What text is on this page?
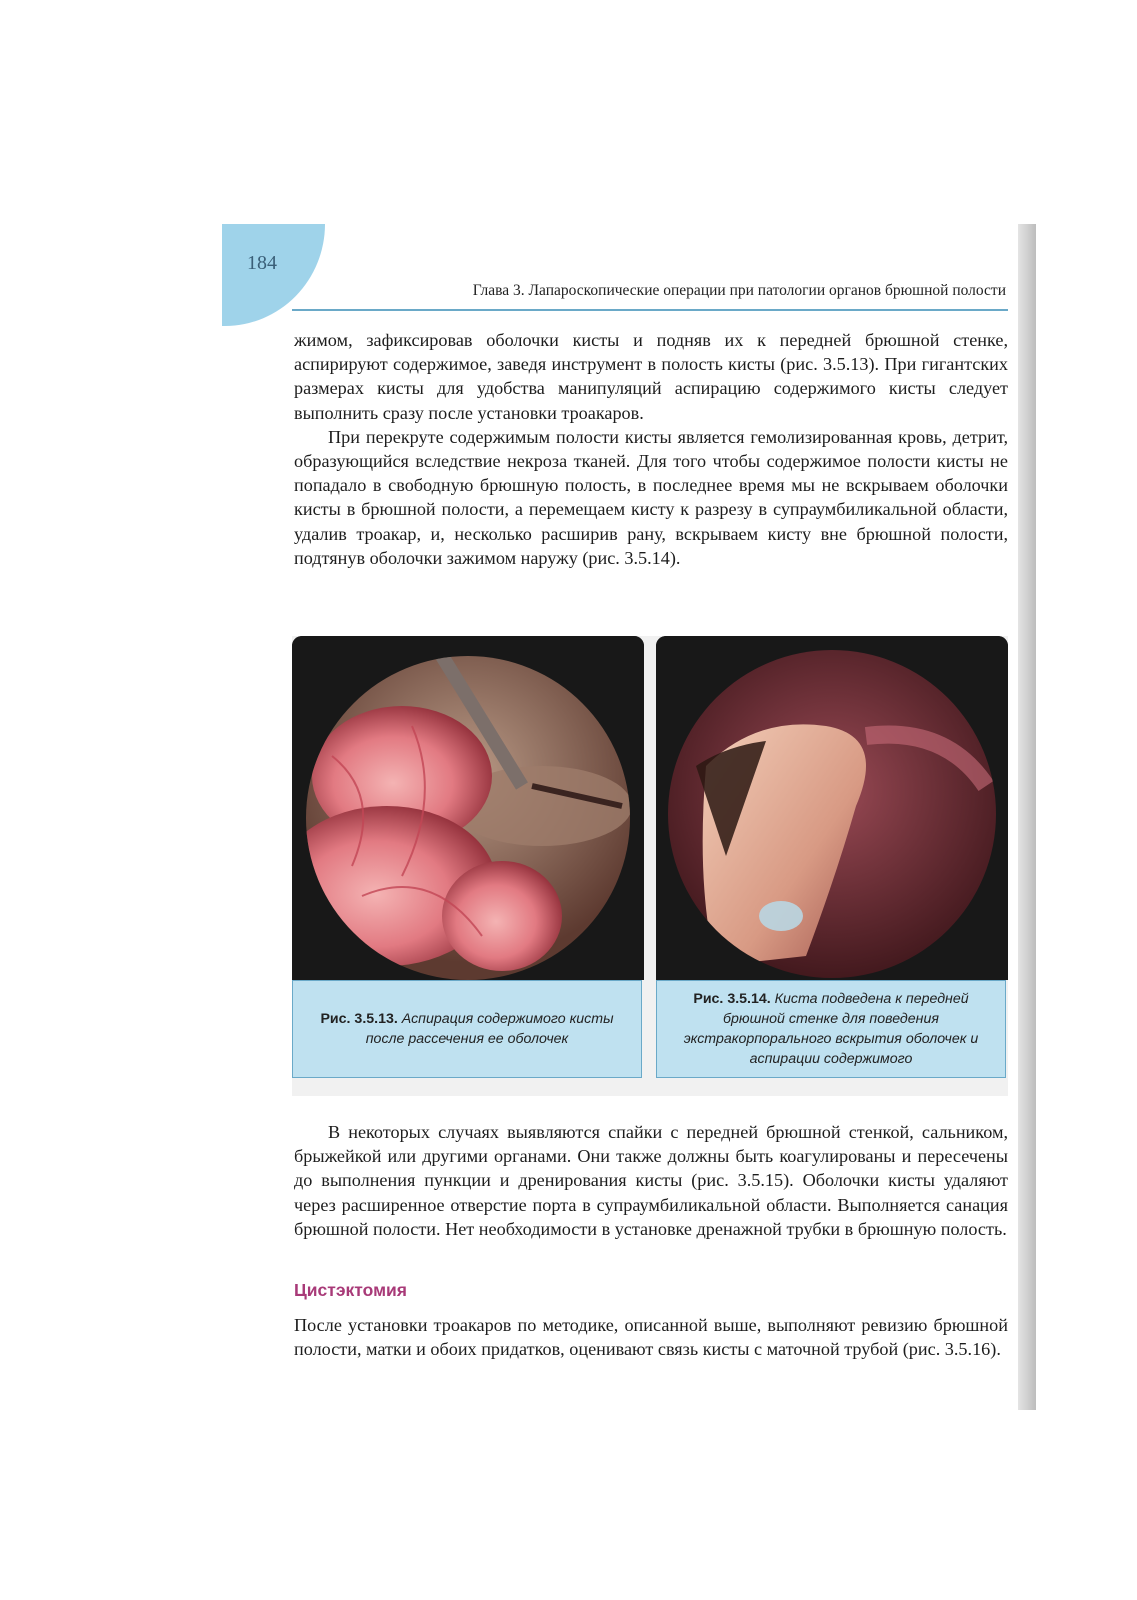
184
Глава 3. Лапароскопические операции при патологии органов брюшной полости

жимом, зафиксировав оболочки кисты и подняв их к передней брюшной стенке, аспирируют содержимое, заведя инструмент в полость кисты (рис. 3.5.13). При гигантских размерах кисты для удобства манипуляций аспирацию содержимого кисты следует выполнить сразу после установки троакаров.

При перекруте содержимым полости кисты является гемолизированная кровь, детрит, образующийся вследствие некроза тканей. Для того чтобы содержимое полости кисты не попадало в свободную брюшную полость, в последнее время мы не вскрываем оболочки кисты в брюшной полости, а перемещаем кисту к разрезу в супраумбиликальной области, удалив троакар, и, несколько расширив рану, вскрываем кисту вне брюшной полости, подтянув оболочки зажимом наружу (рис. 3.5.14).

Рис. 3.5.13. Аспирация содержимого кисты после рассечения ее оболочек
Рис. 3.5.14. Киста подведена к передней брюшной стенке для поведения экстракорпорального вскрытия оболочек и аспирации содержимого

В некоторых случаях выявляются спайки с передней брюшной стенкой, сальником, брыжейкой или другими органами. Они также должны быть коагулированы и пересечены до выполнения пункции и дренирования кисты (рис. 3.5.15). Оболочки кисты удаляют через расширенное отверстие порта в супраумбиликальной области. Выполняется санация брюшной полости. Нет необходимости в установке дренажной трубки в брюшную полость.

Цистэктомия

После установки троакаров по методике, описанной выше, выполняют ревизию брюшной полости, матки и обоих придатков, оценивают связь кисты с маточной трубой (рис. 3.5.16).
